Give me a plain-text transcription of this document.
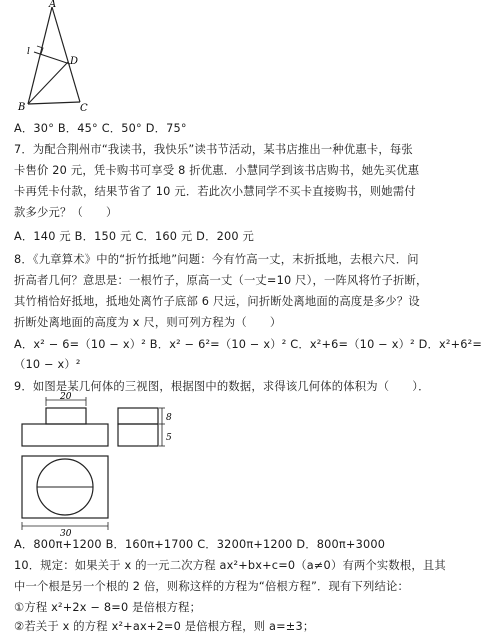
A
l
D
B	C
A．30° B．45° C．50° D．75°
7．为配合荆州市“我读书，我快乐”读书节活动，某书店推出一种优惠卡，每张
卡售价 20 元，凭卡购书可享受 8 折优惠．小慧同学到该书店购书，她先买优惠
卡再凭卡付款，结果节省了 10 元．若此次小慧同学不买卡直接购书，则她需付
款多少元？（　　）
A．140 元 B．150 元 C．160 元 D．200 元
8．《九章算术》中的“折竹抵地”问题：今有竹高一丈，末折抵地，去根六尺．问
折高者几何？意思是：一根竹子，原高一丈（一丈=10 尺），一阵风将竹子折断，
其竹梢恰好抵地，抵地处离竹子底部 6 尺远，问折断处离地面的高度是多少？设
折断处离地面的高度为 x 尺，则可列方程为（　　）
A．x² − 6=（10 − x）² B．x² − 6²=（10 − x）² C．x²+6=（10 − x）² D．x²+6²=
（10 − x）²
9．如图是某几何体的三视图，根据图中的数据，求得该几何体的体积为（　　）．
20
8
5
30
A．800π+1200 B．160π+1700 C．3200π+1200 D．800π+3000
10．规定：如果关于 x 的一元二次方程 ax²+bx+c=0（a≠0）有两个实数根，且其
中一个根是另一个根的 2 倍，则称这样的方程为“倍根方程”．现有下列结论：
①方程 x²+2x − 8=0 是倍根方程；
②若关于 x 的方程 x²+ax+2=0 是倍根方程，则 a=±3；
